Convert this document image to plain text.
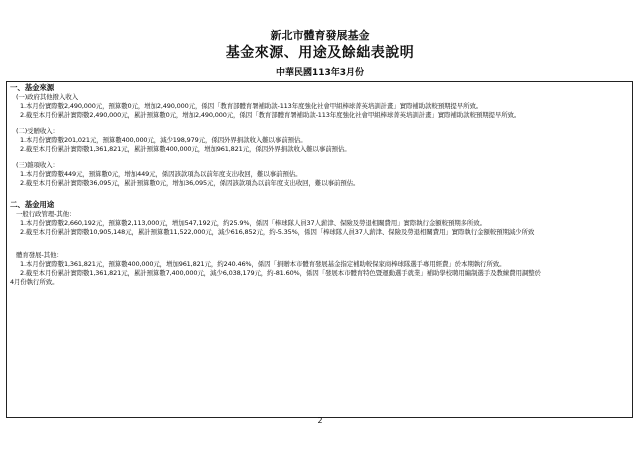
新北市體育發展基金
基金來源、用途及餘絀表說明
中華民國113年3月份
一、基金來源
(一)政府其他撥入收入
1.本月份實際數2,490,000元，預算數0元，增加2,490,000元，係因「教育部體育署補助款-113年度強化社會甲組棒球菁英培訓計畫」實際補助款較預期提早所致。
2.截至本月份累計實際數2,490,000元，累計預算數0元，增加2,490,000元，係因「教育部體育署補助款-113年度強化社會甲組棒球菁英培訓計畫」實際補助款較預期提早所致。
(二)受贈收入：
1.本月份實際數201,021元，預算數400,000元，減少198,979元，係因外界捐款收入難以事前預估。
2.截至本月份累計實際數1,361,821元，累計預算數400,000元，增加961,821元，係因外界捐款收入難以事前預估。
(三)雜項收入：
1.本月份實際數449元，預算數0元，增加449元，係因該款項為以前年度支出收回，難以事前預估。
2.截至本月份累計實際數36,095元，累計預算數0元，增加36,095元，係因該款項為以前年度支出收回，難以事前預估。
二、基金用途
一般行政管理-其他：
1.本月份實際數2,660,192元，預算數2,113,000元，增加547,192元，約25.9%，係因「棒球隊人員37人薪津、保險及勞退相關費用」實際執行金額較預期多所致。
2.截至本月份累計實際數10,905,148元，累計預算數11,522,000元，減少616,852元，約-5.35%，係因「棒球隊人員37人薪津、保險及勞退相關費用」實際執行金額較預期減少所致
體育發展-其他：
1.本月份實際數1,361,821元，預算數400,000元，增加961,821元，約240.46%，係因「捐贈本市體育發展基金指定補助較保家商棒球隊選手專用經費」於本期執行所致。
2.截至本月份累計實際數1,361,821元，累計預算數7,400,000元，減少6,038,179元，約-81.60%，係因「發展本市體育特色暨運動選手就業」補助學校聘用編制選手及教練費用調整於
4月份執行所致。
2
